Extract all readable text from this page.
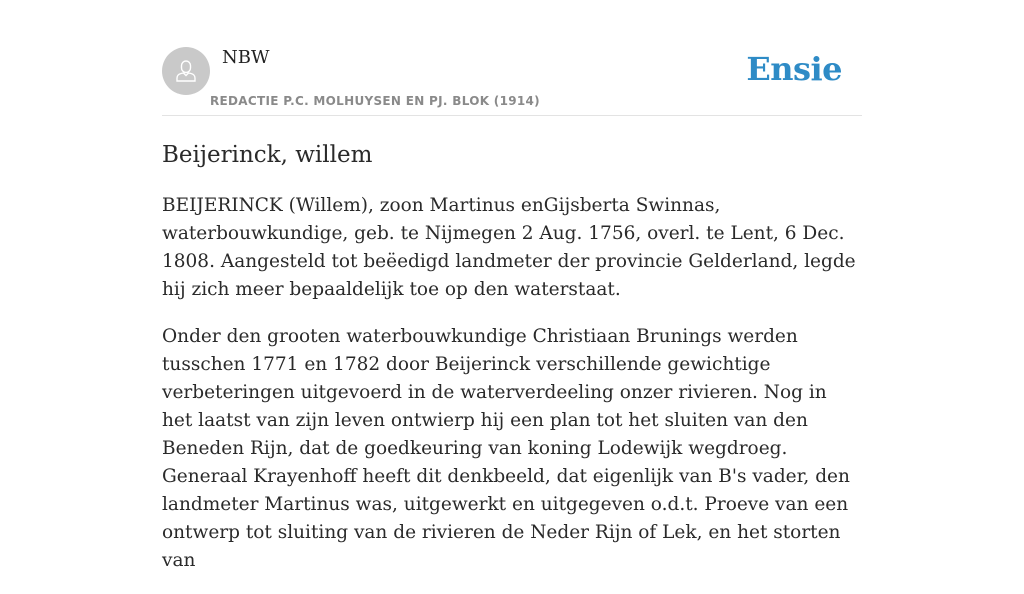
NBW
REDACTIE P.C. MOLHUYSEN EN PJ. BLOK (1914)
Ensie
Beijerinck, willem

BEIJERINCK (Willem), zoon Martinus enGijsberta Swinnas, waterbouwkundige, geb. te Nijmegen 2 Aug. 1756, overl. te Lent, 6 Dec. 1808. Aangesteld tot beëedigd landmeter der provincie Gelderland, legde hij zich meer bepaaldelijk toe op den waterstaat.

Onder den grooten waterbouwkundige Christiaan Brunings werden tusschen 1771 en 1782 door Beijerinck verschillende gewichtige verbeteringen uitgevoerd in de waterverdeeling onzer rivieren. Nog in het laatst van zijn leven ontwierp hij een plan tot het sluiten van den Beneden Rijn, dat de goedkeuring van koning Lodewijk wegdroeg. Generaal Krayenhoff heeft dit denkbeeld, dat eigenlijk van B's vader, den landmeter Martinus was, uitgewerkt en uitgegeven o.d.t. Proeve van een ontwerp tot sluiting van de rivieren de Neder Rijn of Lek, en het storten van
